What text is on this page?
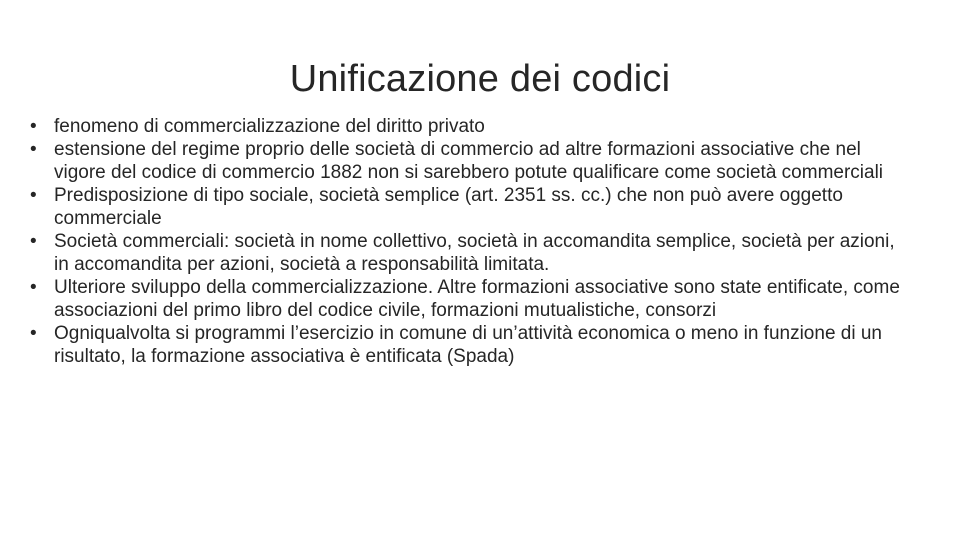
Unificazione dei codici
• fenomeno di commercializzazione del diritto privato
• estensione del regime proprio delle società di commercio ad altre formazioni associative che nel vigore del codice di commercio 1882 non si sarebbero potute qualificare come società commerciali
• Predisposizione di tipo sociale, società semplice (art. 2351 ss. cc.) che non può avere oggetto commerciale
• Società commerciali: società in nome collettivo, società in accomandita semplice, società per azioni, in accomandita per azioni, società a responsabilità limitata.
• Ulteriore sviluppo della commercializzazione. Altre formazioni associative sono state entificate, come associazioni del primo libro del codice civile, formazioni mutualistiche, consorzi
• Ogniqualvolta si programmi l’esercizio in comune di un’attività economica o meno in funzione di un risultato, la formazione associativa è entificata (Spada)
